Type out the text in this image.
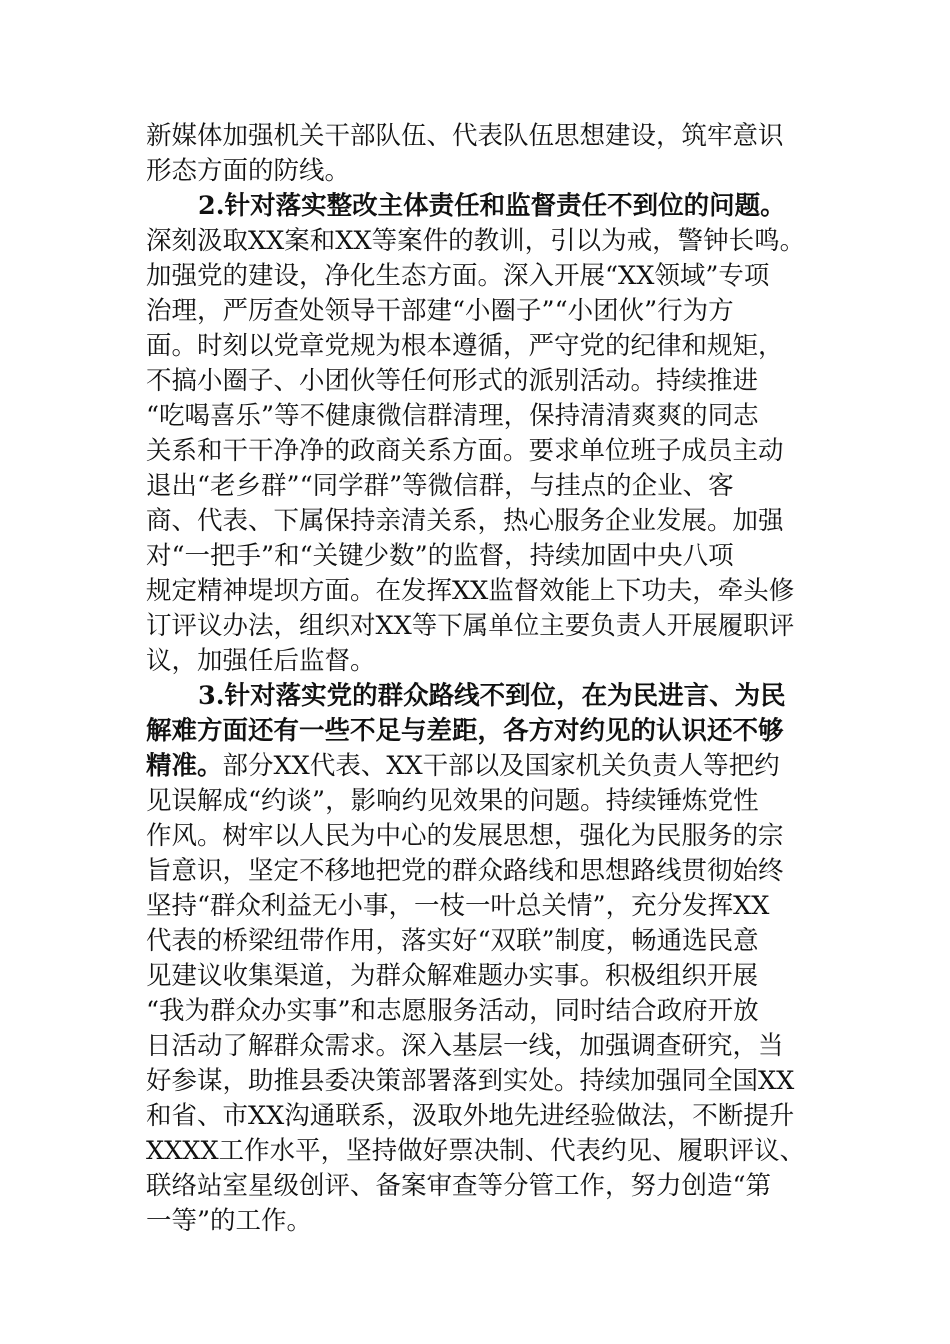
新媒体加强机关干部队伍、代表队伍思想建设，筑牢意识
形态方面的防线。
2.针对落实整改主体责任和监督责任不到位的问题。
深刻汲取XX案和XX等案件的教训，引以为戒，警钟长鸣。
加强党的建设，净化生态方面。深入开展“XX领域”专项
治理，严厉查处领导干部建“小圈子”“小团伙”行为方
面。时刻以党章党规为根本遵循，严守党的纪律和规矩，
不搞小圈子、小团伙等任何形式的派别活动。持续推进
“吃喝喜乐”等不健康微信群清理，保持清清爽爽的同志
关系和干干净净的政商关系方面。要求单位班子成员主动
退出“老乡群”“同学群”等微信群，与挂点的企业、客
商、代表、下属保持亲清关系，热心服务企业发展。加强
对“一把手”和“关键少数”的监督，持续加固中央八项
规定精神堤坝方面。在发挥XX监督效能上下功夫，牵头修
订评议办法，组织对XX等下属单位主要负责人开展履职评
议，加强任后监督。
3.针对落实党的群众路线不到位，在为民进言、为民
解难方面还有一些不足与差距，各方对约见的认识还不够
精准。部分XX代表、XX干部以及国家机关负责人等把约
见误解成“约谈”，影响约见效果的问题。持续锤炼党性
作风。树牢以人民为中心的发展思想，强化为民服务的宗
旨意识，坚定不移地把党的群众路线和思想路线贯彻始终
坚持“群众利益无小事，一枝一叶总关情”，充分发挥XX
代表的桥梁纽带作用，落实好“双联”制度，畅通选民意
见建议收集渠道，为群众解难题办实事。积极组织开展
“我为群众办实事”和志愿服务活动，同时结合政府开放
日活动了解群众需求。深入基层一线，加强调查研究，当
好参谋，助推县委决策部署落到实处。持续加强同全国XX
和省、市XX沟通联系，汲取外地先进经验做法，不断提升
XXXX工作水平，坚持做好票决制、代表约见、履职评议、
联络站室星级创评、备案审查等分管工作，努力创造“第
一等”的工作。
